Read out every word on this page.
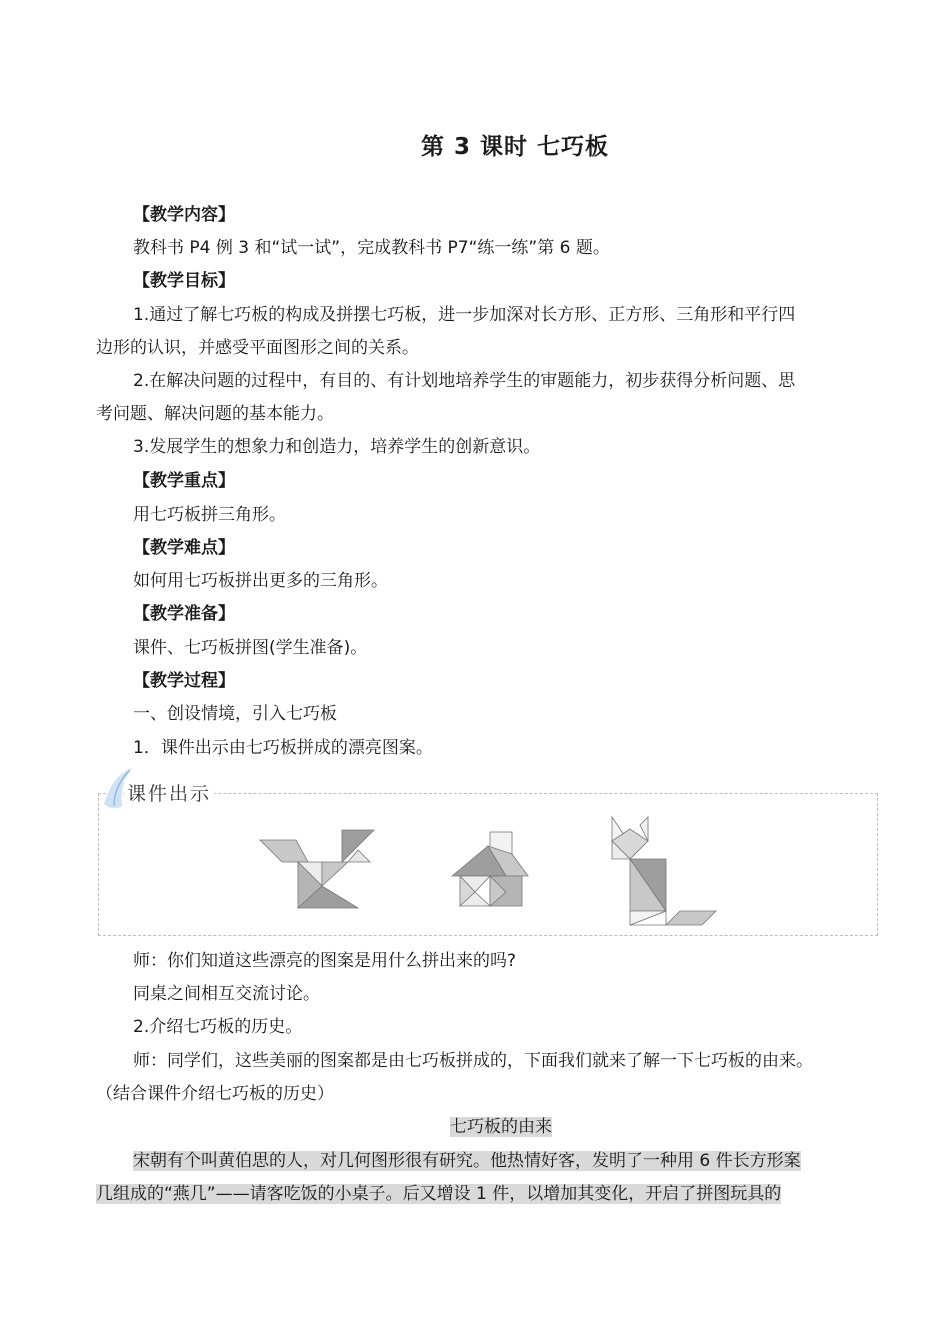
第 3 课时 七巧板
【教学内容】
教科书 P4 例 3 和“试一试”，完成教科书 P7“练一练”第 6 题。
【教学目标】
1.通过了解七巧板的构成及拼摆七巧板，进一步加深对长方形、正方形、三角形和平行四
边形的认识，并感受平面图形之间的关系。
2.在解决问题的过程中，有目的、有计划地培养学生的审题能力，初步获得分析问题、思
考问题、解决问题的基本能力。
3.发展学生的想象力和创造力，培养学生的创新意识。
【教学重点】
用七巧板拼三角形。
【教学难点】
如何用七巧板拼出更多的三角形。
【教学准备】
课件、七巧板拼图(学生准备)。
【教学过程】
一、创设情境，引入七巧板
1．课件出示由七巧板拼成的漂亮图案。
课件出示
师：你们知道这些漂亮的图案是用什么拼出来的吗?
同桌之间相互交流讨论。
2.介绍七巧板的历史。
师：同学们，这些美丽的图案都是由七巧板拼成的，下面我们就来了解一下七巧板的由来。
（结合课件介绍七巧板的历史）
七巧板的由来
宋朝有个叫黄伯思的人，对几何图形很有研究。他热情好客，发明了一种用 6 件长方形案
几组成的“燕几”——请客吃饭的小桌子。后又增设 1 件，以增加其变化，开启了拼图玩具的
